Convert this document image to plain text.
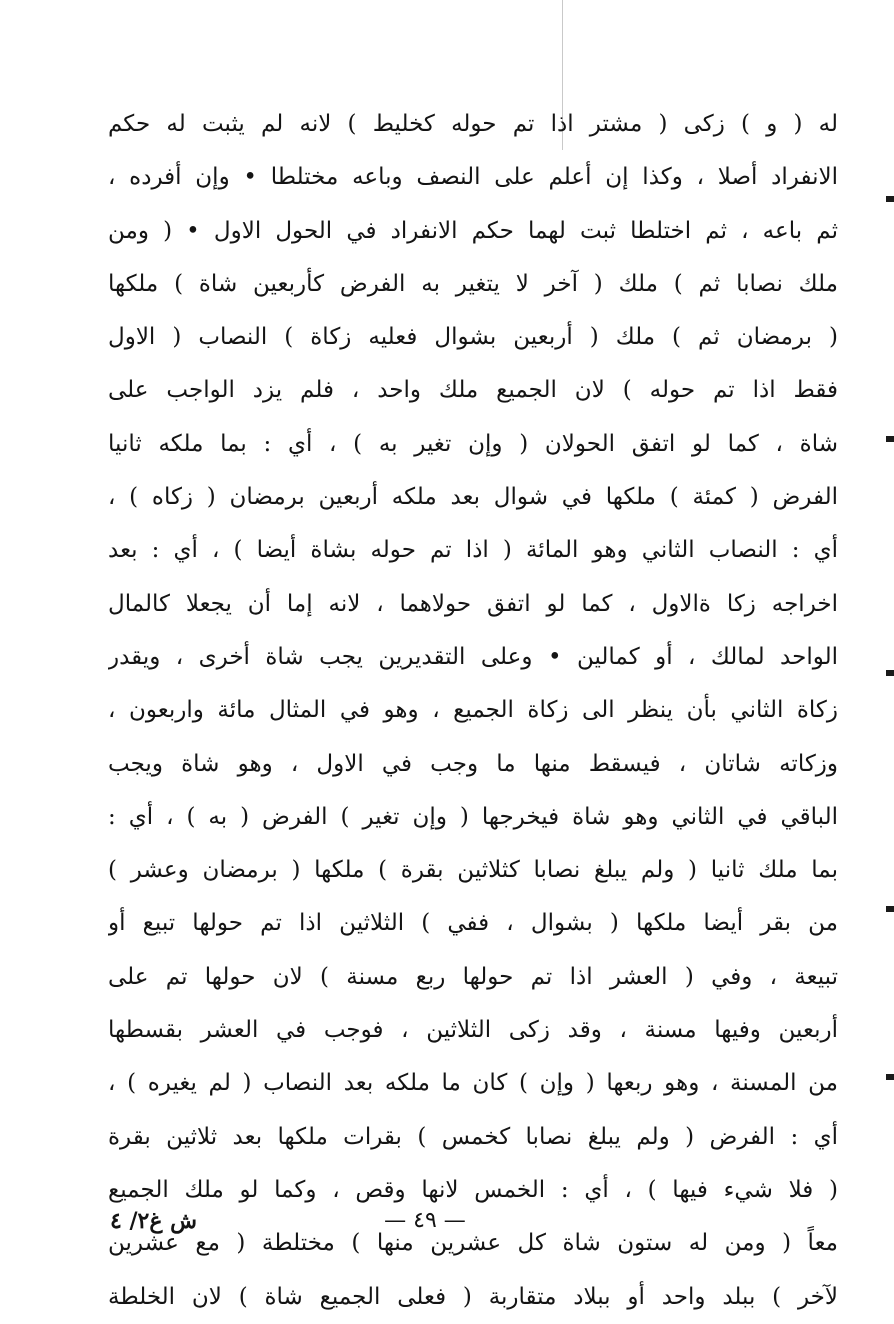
له ( و ) زكى ( مشتر اذا تم حوله كخليط ) لانه لم يثبت له حكم
الانفراد أصلا ، وكذا إن أعلم على النصف وباعه مختلطا • وإن أفرده ،
ثم باعه ، ثم اختلطا ثبت لهما حكم الانفراد في الحول الاول • ( ومن
ملك نصابا ثم ) ملك ( آخر لا يتغير به الفرض كأربعين شاة ) ملكها
( برمضان ثم ) ملك ( أربعين بشوال فعليه زكاة ) النصاب ( الاول
فقط اذا تم حوله ) لان الجميع ملك واحد ، فلم يزد الواجب على
شاة ، كما لو اتفق الحولان ( وإن تغير به ) ، أي : بما ملكه ثانيا
الفرض ( كمئة ) ملكها في شوال بعد ملكه أربعين برمضان ( زكاه ) ،
أي : النصاب الثاني وهو المائة ( اذا تم حوله بشاة أيضا ) ، أي : بعد
اخراجه زكا ةالاول ، كما لو اتفق حولاهما ، لانه إما أن يجعلا كالمال
الواحد لمالك ، أو كمالين • وعلى التقديرين يجب شاة أخرى ، ويقدر
زكاة الثاني بأن ينظر الى زكاة الجميع ، وهو في المثال مائة واربعون ،
وزكاته شاتان ، فيسقط منها ما وجب في الاول ، وهو شاة ويجب
الباقي في الثاني وهو شاة فيخرجها ( وإن تغير ) الفرض ( به ) ، أي :
بما ملك ثانيا ( ولم يبلغ نصابا كثلاثين بقرة ) ملكها ( برمضان وعشر )
من بقر أيضا ملكها ( بشوال ، ففي ) الثلاثين اذا تم حولها تبيع أو
تبيعة ، وفي ( العشر اذا تم حولها ربع مسنة ) لان حولها تم على
أربعين وفيها مسنة ، وقد زكى الثلاثين ، فوجب في العشر بقسطها
من المسنة ، وهو ربعها ( وإن ) كان ما ملكه بعد النصاب ( لم يغيره ) ،
أي : الفرض ( ولم يبلغ نصابا كخمس ) بقرات ملكها بعد ثلاثين بقرة
( فلا شيء فيها ) ، أي : الخمس لانها وقص ، وكما لو ملك الجميع
معاً ( ومن له ستون شاة كل عشرين منها ) مختلطة ( مع عشرين
لآخر ) ببلد واحد أو ببلاد متقاربة ( فعلى الجميع شاة ) لان الخلطة
— ٤٩ —
ش غ٢/ ٤
